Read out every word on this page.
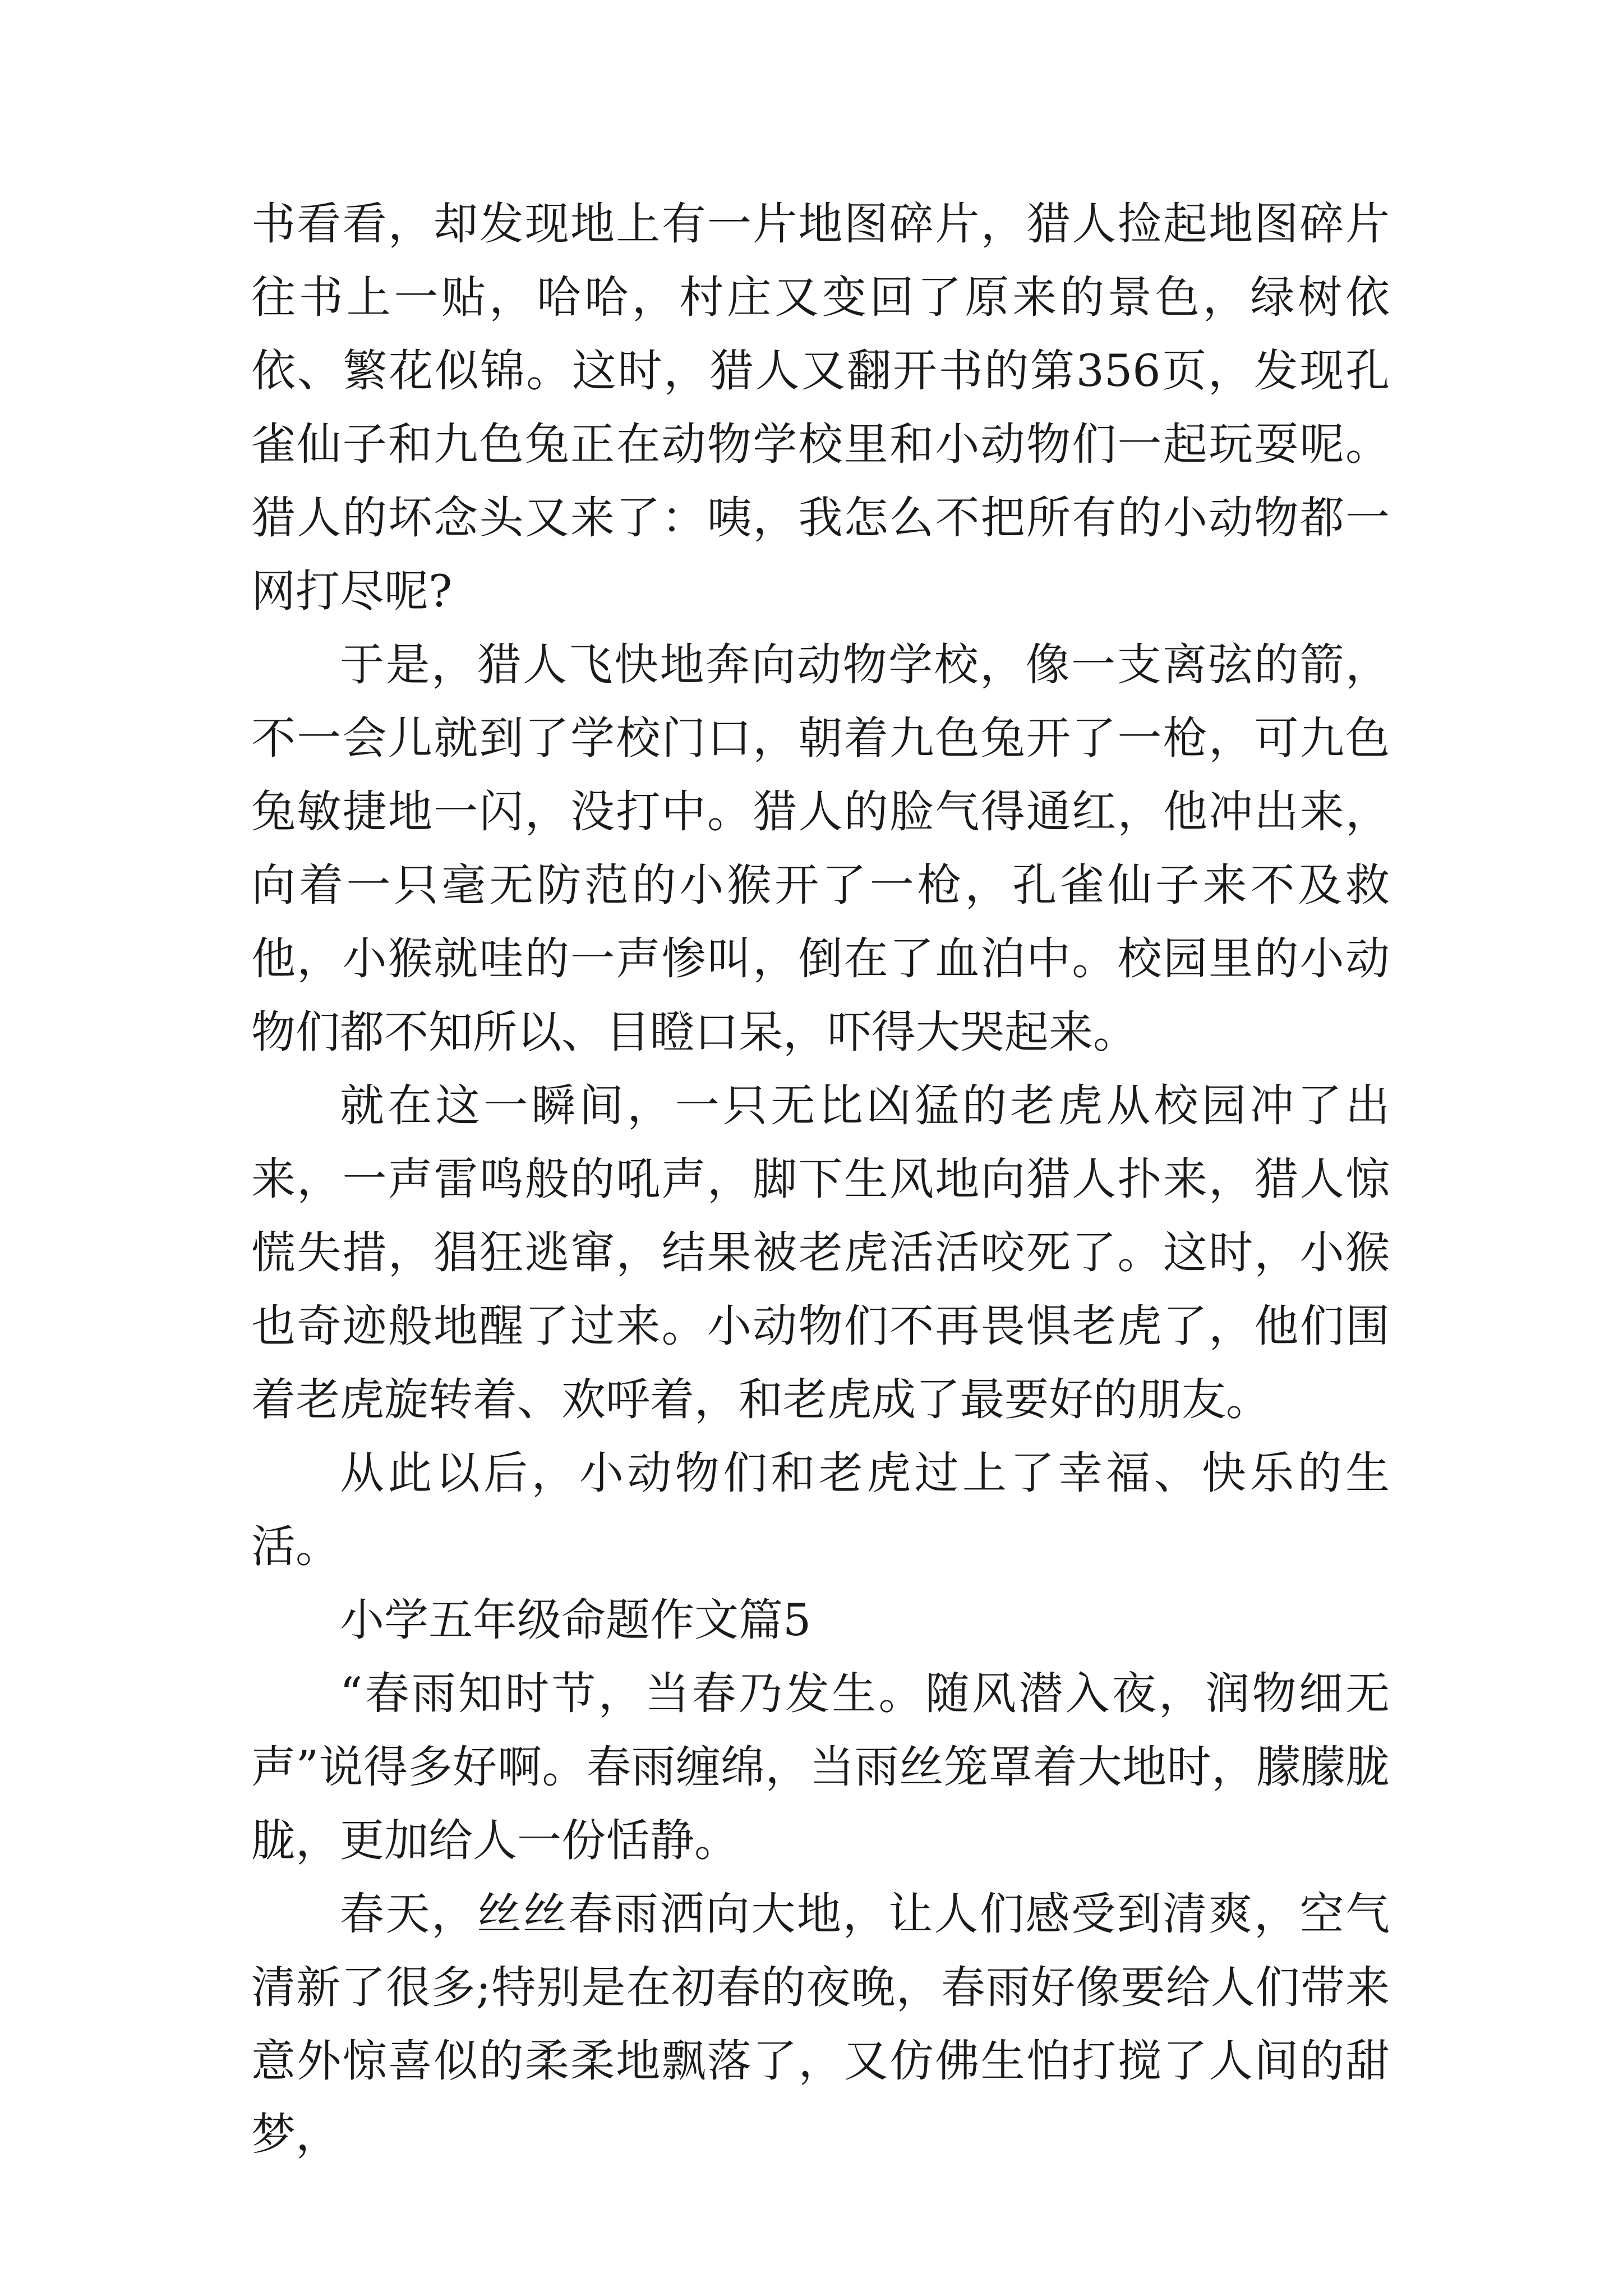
书看看，却发现地上有一片地图碎片，猎人捡起地图碎片往书上一贴，哈哈，村庄又变回了原来的景色，绿树依依、繁花似锦。这时，猎人又翻开书的第356页，发现孔雀仙子和九色兔正在动物学校里和小动物们一起玩耍呢。猎人的坏念头又来了：咦，我怎么不把所有的小动物都一网打尽呢?

于是，猎人飞快地奔向动物学校，像一支离弦的箭，不一会儿就到了学校门口，朝着九色兔开了一枪，可九色兔敏捷地一闪，没打中。猎人的脸气得通红，他冲出来，向着一只毫无防范的小猴开了一枪，孔雀仙子来不及救他，小猴就哇的一声惨叫，倒在了血泊中。校园里的小动物们都不知所以、目瞪口呆，吓得大哭起来。

就在这一瞬间，一只无比凶猛的老虎从校园冲了出来，一声雷鸣般的吼声，脚下生风地向猎人扑来，猎人惊慌失措，猖狂逃窜，结果被老虎活活咬死了。这时，小猴也奇迹般地醒了过来。小动物们不再畏惧老虎了，他们围着老虎旋转着、欢呼着，和老虎成了最要好的朋友。

从此以后，小动物们和老虎过上了幸福、快乐的生活。

小学五年级命题作文篇5

“春雨知时节，当春乃发生。随风潜入夜，润物细无声”说得多好啊。春雨缠绵，当雨丝笼罩着大地时，朦朦胧胧，更加给人一份恬静。

春天，丝丝春雨洒向大地，让人们感受到清爽，空气清新了很多;特别是在初春的夜晚，春雨好像要给人们带来意外惊喜似的柔柔地飘落了，又仿佛生怕打搅了人间的甜梦，
